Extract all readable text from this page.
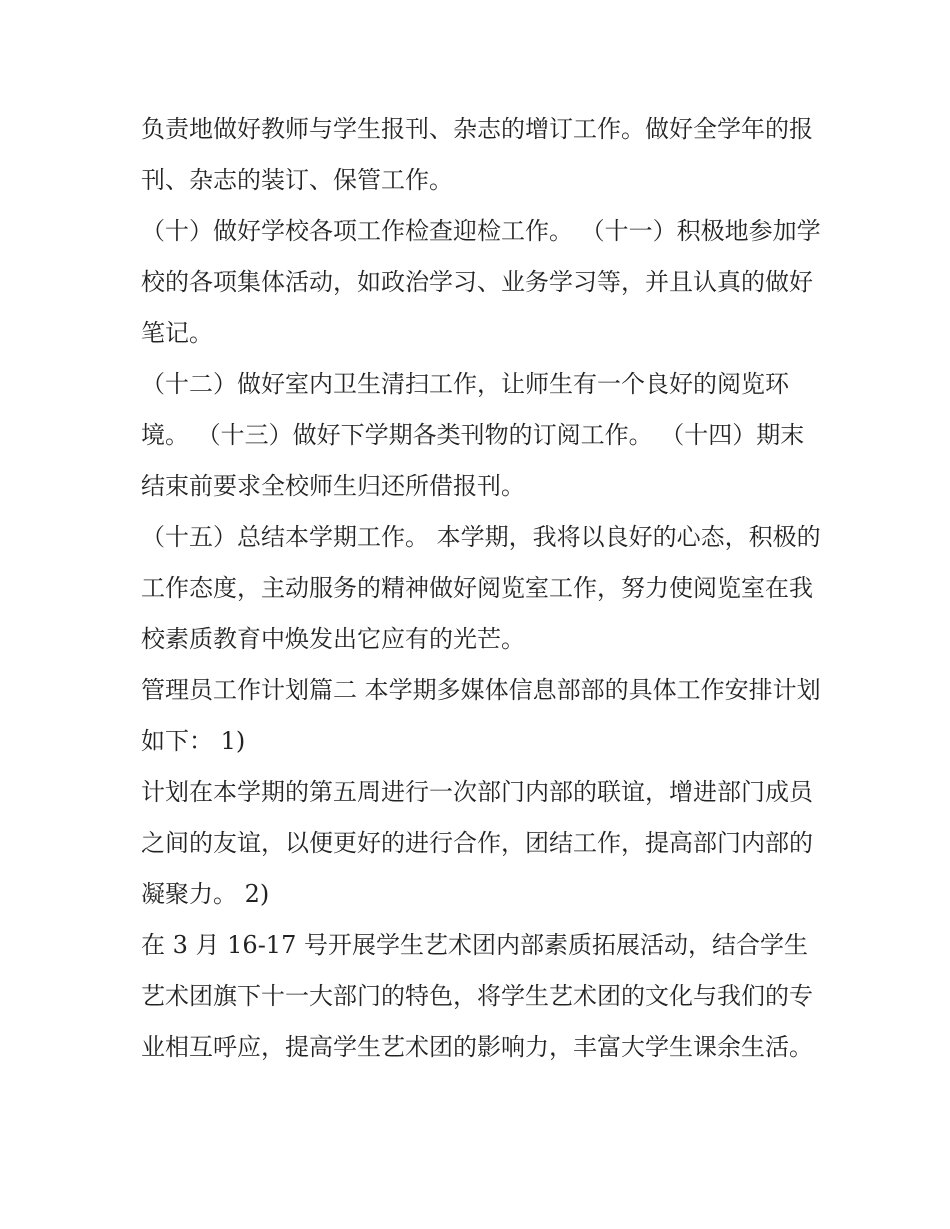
负责地做好教师与学生报刊、杂志的增订工作。做好全学年的报刊、杂志的装订、保管工作。

（十）做好学校各项工作检查迎检工作。 （十一）积极地参加学校的各项集体活动，如政治学习、业务学习等，并且认真的做好笔记。

（十二）做好室内卫生清扫工作，让师生有一个良好的阅览环境。 （十三）做好下学期各类刊物的订阅工作。 （十四）期末结束前要求全校师生归还所借报刊。

（十五）总结本学期工作。 本学期，我将以良好的心态，积极的工作态度，主动服务的精神做好阅览室工作，努力使阅览室在我校素质教育中焕发出它应有的光芒。

管理员工作计划篇二 本学期多媒体信息部部的具体工作安排计划如下： 1)

计划在本学期的第五周进行一次部门内部的联谊，增进部门成员之间的友谊，以便更好的进行合作，团结工作，提高部门内部的凝聚力。 2)

在 3 月 16-17 号开展学生艺术团内部素质拓展活动，结合学生艺术团旗下十一大部门的特色，将学生艺术团的文化与我们的专业相互呼应，提高学生艺术团的影响力，丰富大学生课余生活。
